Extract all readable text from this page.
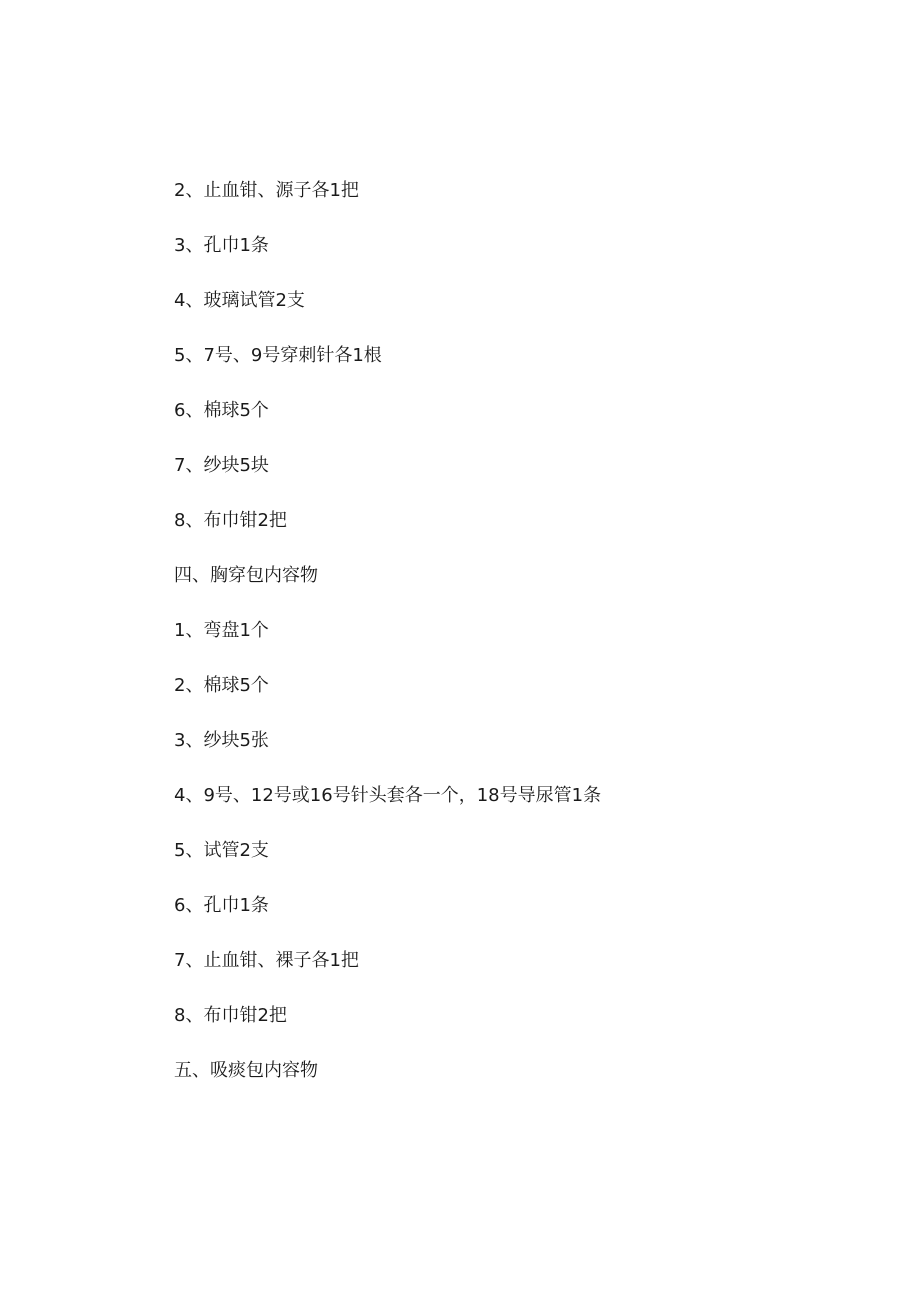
2、止血钳、源子各1把
3、孔巾1条
4、玻璃试管2支
5、7号、9号穿刺针各1根
6、棉球5个
7、纱块5块
8、布巾钳2把
四、胸穿包内容物
1、弯盘1个
2、棉球5个
3、纱块5张
4、9号、12号或16号针头套各一个，18号导尿管1条
5、试管2支
6、孔巾1条
7、止血钳、裸子各1把
8、布巾钳2把
五、吸痰包内容物
